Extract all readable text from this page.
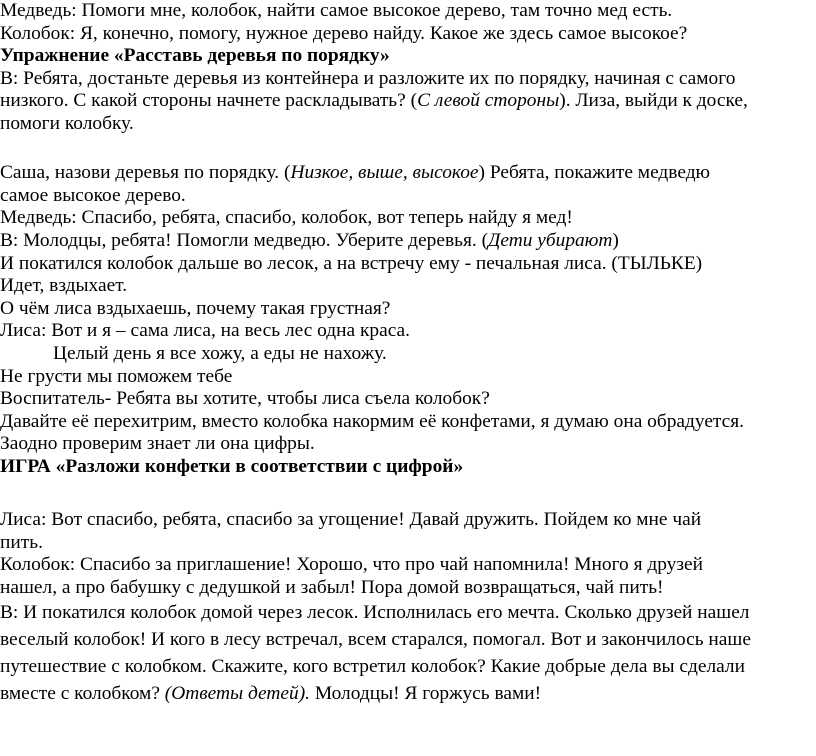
Медведь: Помоги мне, колобок, найти самое высокое дерево, там точно мед есть.
Колобок: Я, конечно, помогу, нужное дерево найду. Какое же здесь самое высокое?
Упражнение «Расставь деревья по порядку»
В: Ребята, достаньте деревья из контейнера и разложите их по порядку, начиная с самого
низкого. С какой стороны начнете раскладывать? (С левой стороны). Лиза, выйди к доске,
помоги колобку.
Саша, назови деревья по порядку. (Низкое, выше, высокое) Ребята, покажите медведю
самое высокое дерево.
Медведь: Спасибо, ребята, спасибо, колобок, вот теперь найду я мед!
В: Молодцы, ребята! Помогли медведю. Уберите деревья. (Дети убирают)
И покатился колобок дальше во лесок, а на встречу ему - печальная лиса. (ТЫЛЬКЕ)
Идет, вздыхает.
О чём лиса вздыхаешь, почему такая грустная?
Лиса: Вот и я – сама лиса, на весь лес одна краса.
Целый день я все хожу, а еды не нахожу.
Не грусти мы поможем тебе
Воспитатель- Ребята вы хотите, чтобы лиса съела колобок?
Давайте её перехитрим, вместо колобка накормим её конфетами, я думаю она обрадуется.
Заодно проверим знает ли она цифры.
ИГРА «Разложи конфетки в соответствии с цифрой»
Лиса: Вот спасибо, ребята, спасибо за угощение! Давай дружить. Пойдем ко мне чай
пить.
Колобок: Спасибо за приглашение! Хорошо, что про чай напомнила! Много я друзей
нашел, а про бабушку с дедушкой и забыл! Пора домой возвращаться, чай пить!
В: И покатился колобок домой через лесок. Исполнилась его мечта. Сколько друзей нашел
веселый колобок! И кого в лесу встречал, всем старался, помогал. Вот и закончилось наше
путешествие с колобком. Скажите, кого встретил колобок? Какие добрые дела вы сделали
вместе с колобком? (Ответы детей). Молодцы! Я горжусь вами!
